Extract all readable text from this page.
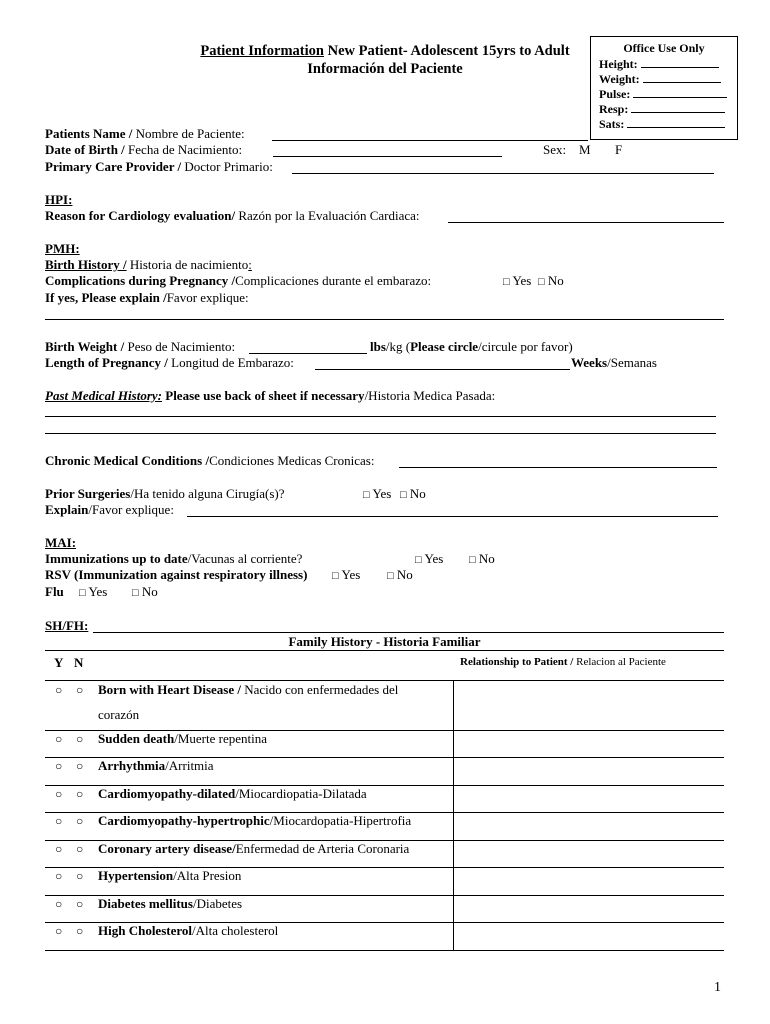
Patient Information New Patient- Adolescent 15yrs to Adult
Información del Paciente
Office Use Only
Height:
Weight:
Pulse:
Resp:
Sats:
Patients Name / Nombre de Paciente:
Date of Birth / Fecha de Nacimiento:	Sex: M F
Primary Care Provider / Doctor Primario:
HPI:
Reason for Cardiology evaluation/ Razón por la Evaluación Cardiaca:
PMH:
Birth History / Historia de nacimiento:
Complications during Pregnancy /Complicaciones durante el embarazo:	□ Yes □ No
If yes, Please explain /Favor explique:
Birth Weight / Peso de Nacimiento:	lbs/kg (Please circle/circule por favor)
Length of Pregnancy / Longitud de Embarazo:	Weeks/Semanas
Past Medical History: Please use back of sheet if necessary/Historia Medica Pasada:
Chronic Medical Conditions /Condiciones Medicas Cronicas:
Prior Surgeries/Ha tenido alguna Cirugía(s)?	□ Yes □ No
Explain/Favor explique:
MAI:
Immunizations up to date/Vacunas al corriente?	□ Yes □ No
RSV (Immunization against respiratory illness) □ Yes □ No
Flu □ Yes □ No
SH/FH:
Family History - Historia Familiar
Y N	Relationship to Patient / Relacion al Paciente
○ ○ Born with Heart Disease / Nacido con enfermedades del
corazón
○ ○ Sudden death/Muerte repentina
○ ○ Arrhythmia/Arritmia
○ ○ Cardiomyopathy-dilated/Miocardiopatia-Dilatada
○ ○ Cardiomyopathy-hypertrophic/Miocardopatia-Hipertrofia
○ ○ Coronary artery disease/Enfermedad de Arteria Coronaria
○ ○ Hypertension/Alta Presion
○ ○ Diabetes mellitus/Diabetes
○ ○ High Cholesterol/Alta cholesterol
1
